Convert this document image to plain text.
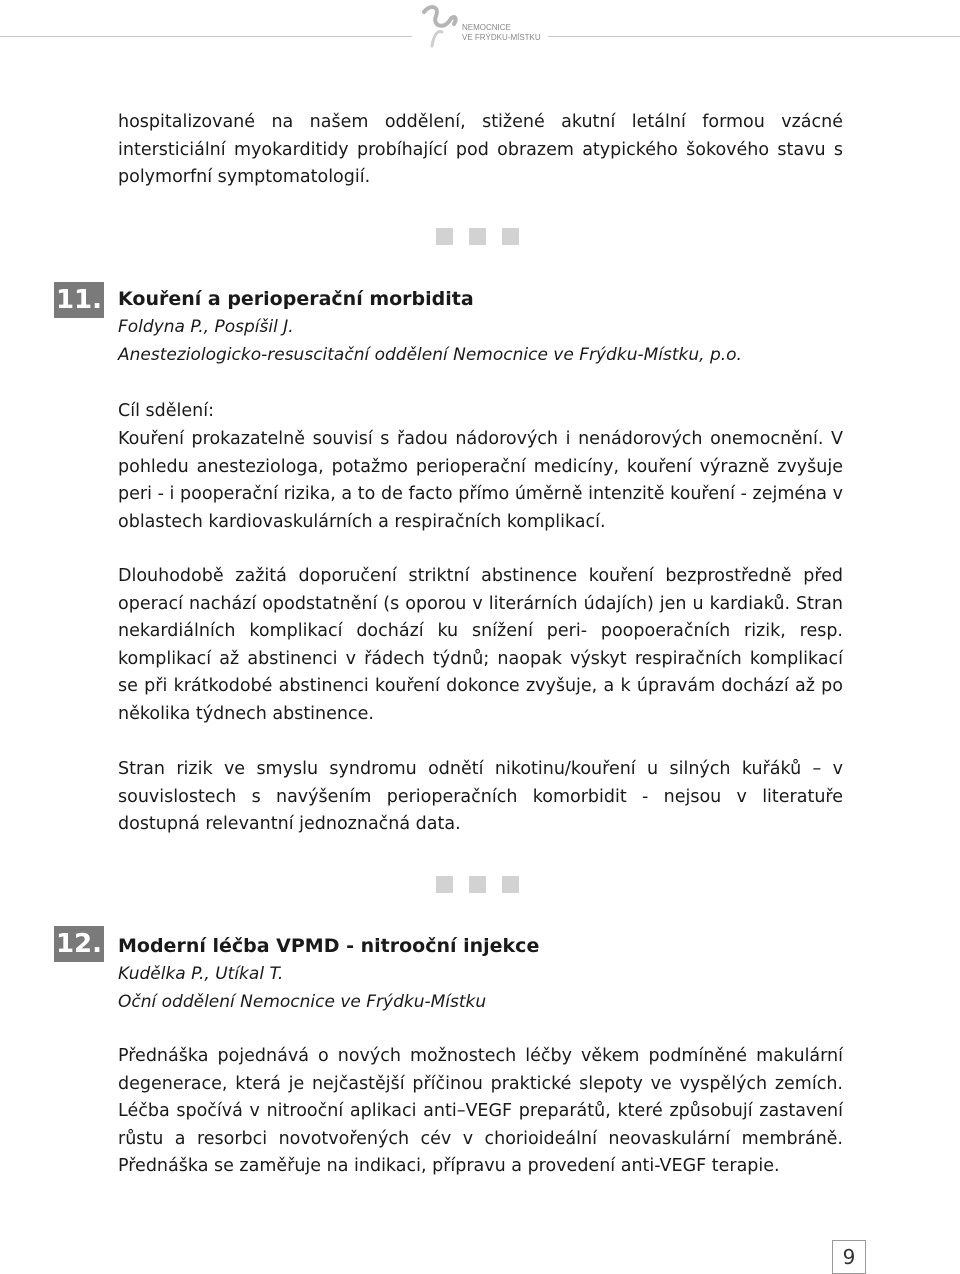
NEMOCNICE
VE FRÝDKU-MÍSTKU

hospitalizované na našem oddělení, stižené akutní letální formou vzácné intersticiální myokarditidy probíhající pod obrazem atypického šokového stavu s polymorfní symptomatologií.

11. Kouření a perioperační morbidita
Foldyna P., Pospíšil J.
Anesteziologicko-resuscitační oddělení Nemocnice ve Frýdku-Místku, p.o.

Cíl sdělení:

Kouření prokazatelně souvisí s řadou nádorových i nenádorových onemocnění. V pohledu anesteziologa, potažmo perioperační medicíny, kouření výrazně zvyšuje peri - i pooperační rizika, a to de facto přímo úměrně intenzitě kouření - zejména v oblastech kardiovaskulárních a respiračních komplikací.

Dlouhodobě zažitá doporučení striktní abstinence kouření bezprostředně před operací nachází opodstatnění (s oporou v literárních údajích) jen u kardiaků. Stran nekardiálních komplikací dochází ku snížení peri- poopoeračních rizik, resp. komplikací až abstinenci v řádech týdnů; naopak výskyt respiračních komplikací se při krátkodobé abstinenci kouření dokonce zvyšuje, a k úpravám dochází až po několika týdnech abstinence.

Stran rizik ve smyslu syndromu odnětí nikotinu/kouření u silných kuřáků – v souvislostech s navýšením perioperačních komorbidit - nejsou v literatuře dostupná relevantní jednoznačná data.

12. Moderní léčba VPMD - nitrooční injekce
Kudělka P., Utíkal T.
Oční oddělení Nemocnice ve Frýdku-Místku

Přednáška pojednává o nových možnostech léčby věkem podmíněné makulární degenerace, která je nejčastější příčinou praktické slepoty ve vyspělých zemích. Léčba spočívá v nitrooční aplikaci anti–VEGF preparátů, které způsobují zastavení růstu a resorbci novotvořených cév v chorioideální neovaskulární membráně. Přednáška se zaměřuje na indikaci, přípravu a provedení anti-VEGF terapie.

9
